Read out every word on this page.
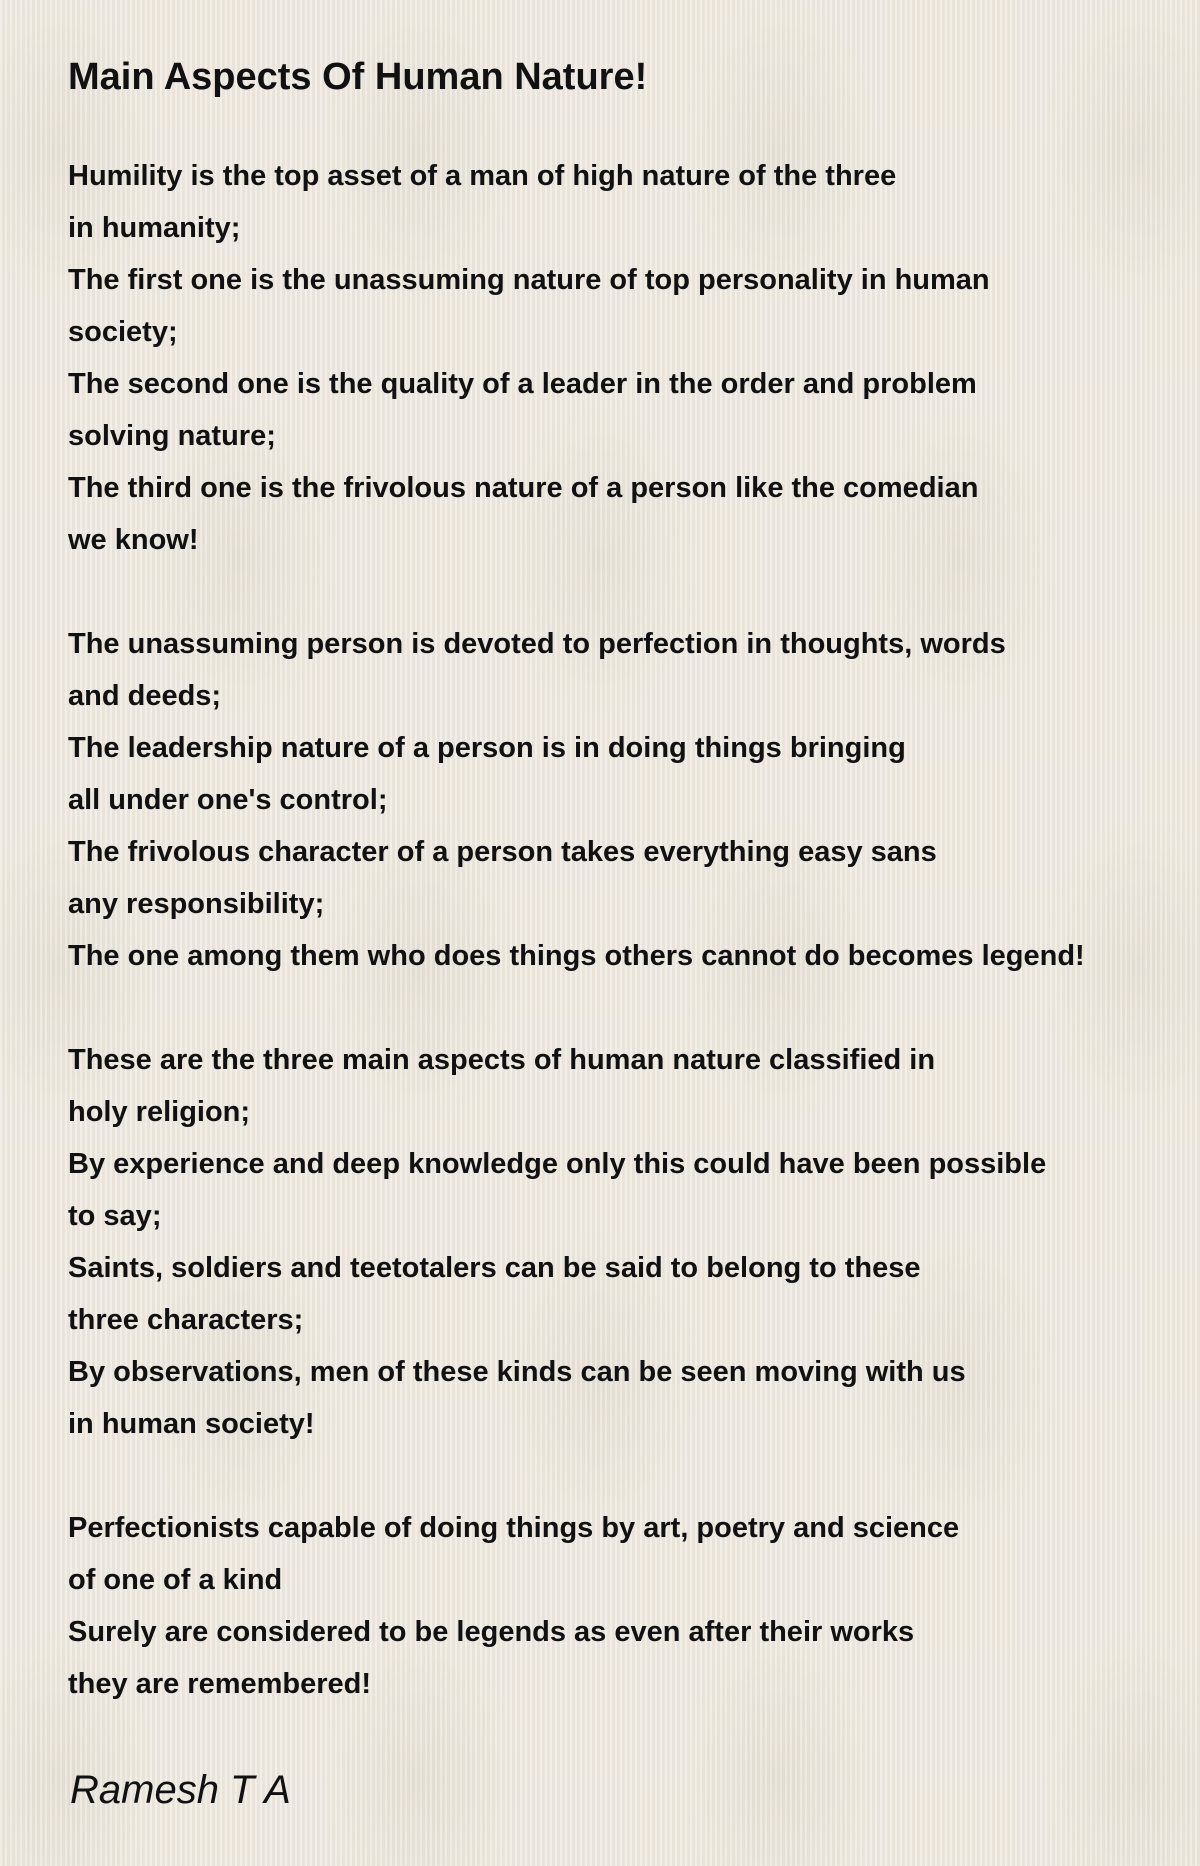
Main Aspects Of Human Nature!
Humility is the top asset of a man of high nature of the three
in humanity;
The first one is the unassuming nature of top personality in human
society;
The second one is the quality of a leader in the order and problem
solving nature;
The third one is the frivolous nature of a person like the comedian
we know!
The unassuming person is devoted to perfection in thoughts, words
and deeds;
The leadership nature of a person is in doing things bringing
all under one's control;
The frivolous character of a person takes everything easy sans
any responsibility;
The one among them who does things others cannot do becomes legend!
These are the three main aspects of human nature classified in
holy religion;
By experience and deep knowledge only this could have been possible
to say;
Saints, soldiers and teetotalers can be said to belong to these
three characters;
By observations, men of these kinds can be seen moving with us
in human society!
Perfectionists capable of doing things by art, poetry and science
of one of a kind
Surely are considered to be legends as even after their works
they are remembered!
Ramesh T A
